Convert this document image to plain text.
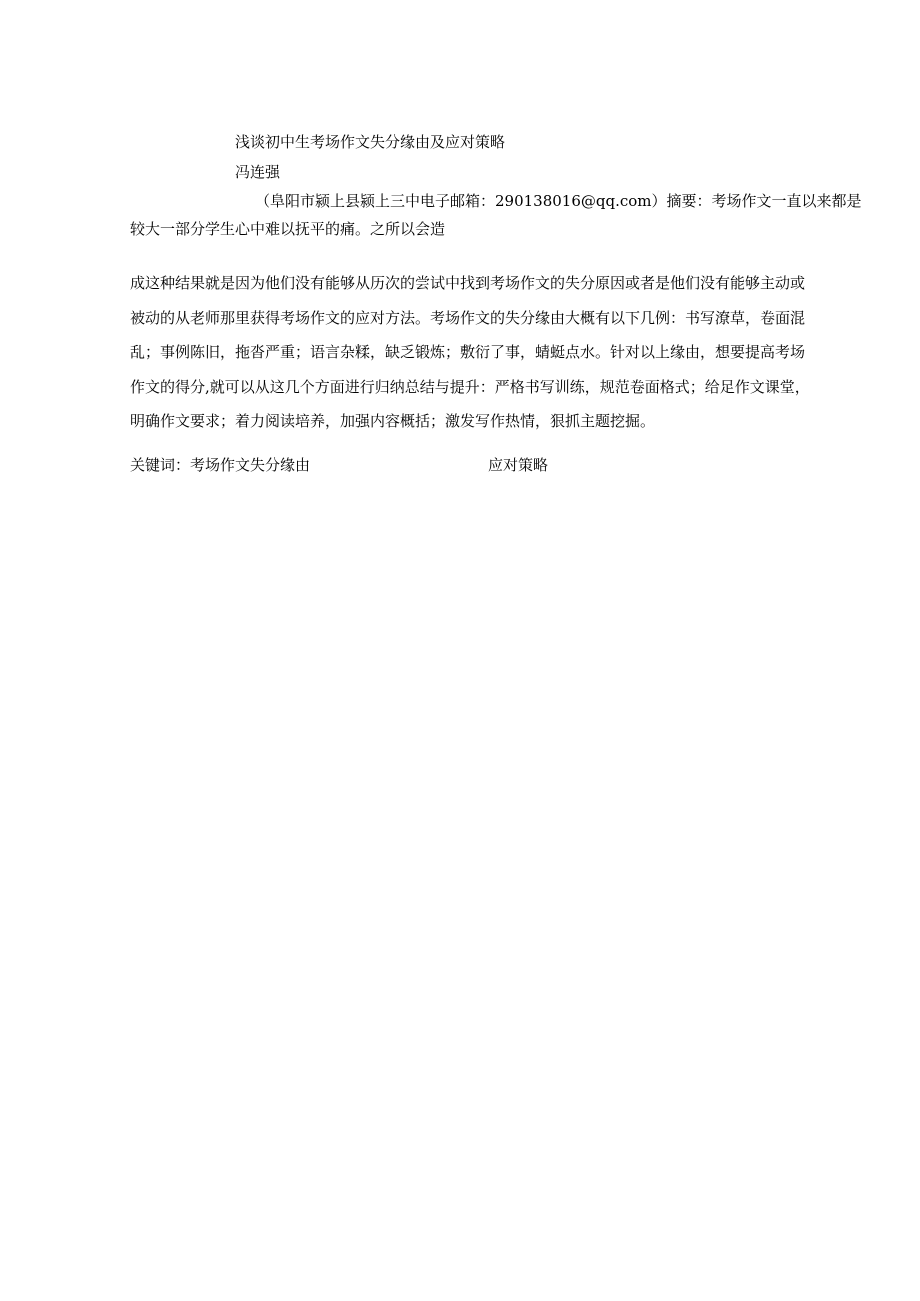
浅谈初中生考场作文失分缘由及应对策略
冯连强
（阜阳市颍上县颍上三中电子邮箱：290138016@qq.com）摘要：考场作文一直以来都是
较大一部分学生心中难以抚平的痛。之所以会造

成这种结果就是因为他们没有能够从历次的尝试中找到考场作文的失分原因或者是他们没有能够主动或

被动的从老师那里获得考场作文的应对方法。考场作文的失分缘由大概有以下几例：书写潦草，卷面混

乱；事例陈旧，拖沓严重；语言杂糅，缺乏锻炼；敷衍了事，蜻蜓点水。针对以上缘由，想要提高考场

作文的得分,就可以从这几个方面进行归纳总结与提升：严格书写训练，规范卷面格式；给足作文课堂，

明确作文要求；着力阅读培养，加强内容概括；激发写作热情，狠抓主题挖掘。

关键词：考场作文失分缘由	应对策略
